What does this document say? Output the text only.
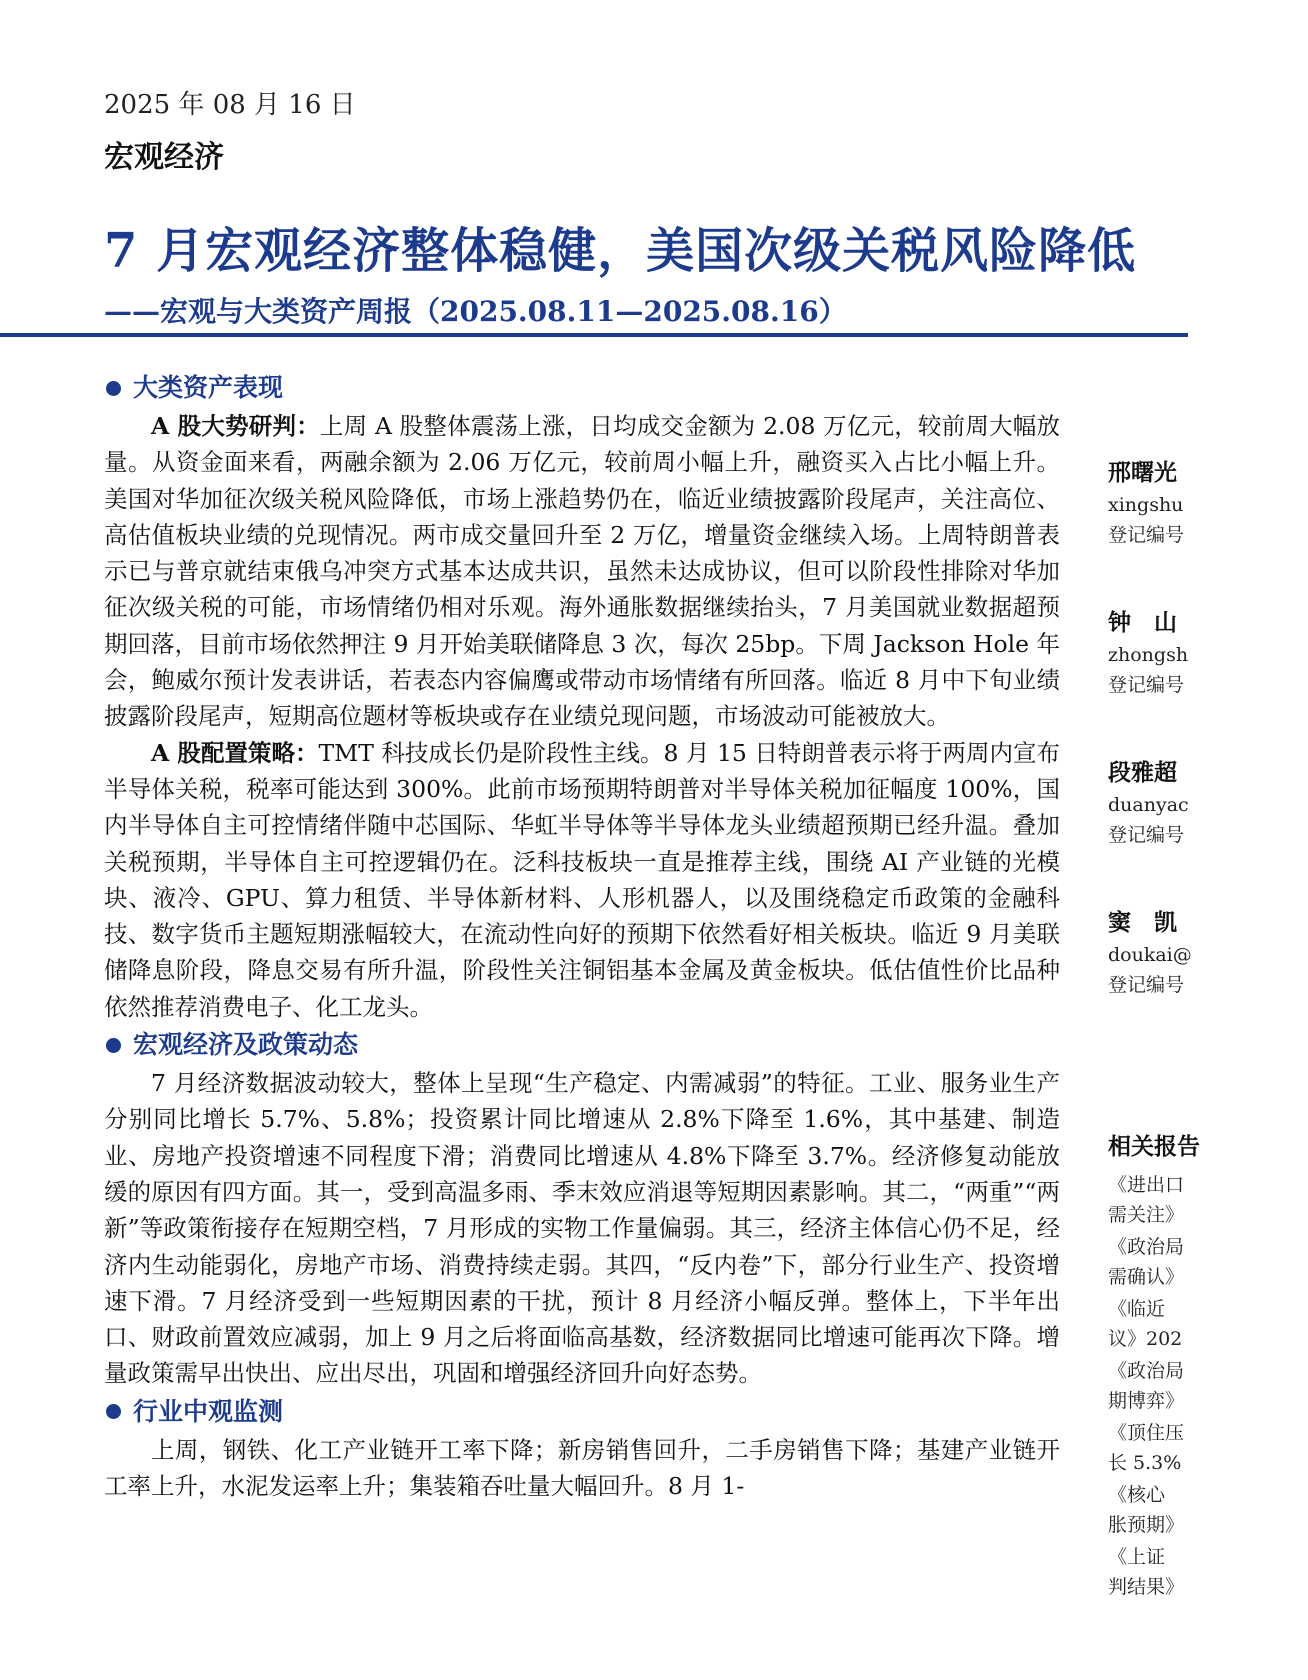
2025 年 08 月 16 日
宏观经济
7 月宏观经济整体稳健，美国次级关税风险降低
——宏观与大类资产周报（2025.08.11—2025.08.16）
大类资产表现

A 股大势研判：上周 A 股整体震荡上涨，日均成交金额为 2.08 万亿元，较前周大幅放量。从资金面来看，两融余额为 2.06 万亿元，较前周小幅上升，融资买入占比小幅上升。美国对华加征次级关税风险降低，市场上涨趋势仍在，临近业绩披露阶段尾声，关注高位、高估值板块业绩的兑现情况。两市成交量回升至 2 万亿，增量资金继续入场。上周特朗普表示已与普京就结束俄乌冲突方式基本达成共识，虽然未达成协议，但可以阶段性排除对华加征次级关税的可能，市场情绪仍相对乐观。海外通胀数据继续抬头，7 月美国就业数据超预期回落，目前市场依然押注 9 月开始美联储降息 3 次，每次 25bp。下周 Jackson Hole 年会，鲍威尔预计发表讲话，若表态内容偏鹰或带动市场情绪有所回落。临近 8 月中下旬业绩披露阶段尾声，短期高位题材等板块或存在业绩兑现问题，市场波动可能被放大。

A 股配置策略：TMT 科技成长仍是阶段性主线。8 月 15 日特朗普表示将于两周内宣布半导体关税，税率可能达到 300%。此前市场预期特朗普对半导体关税加征幅度 100%，国内半导体自主可控情绪伴随中芯国际、华虹半导体等半导体龙头业绩超预期已经升温。叠加关税预期，半导体自主可控逻辑仍在。泛科技板块一直是推荐主线，围绕 AI 产业链的光模块、液冷、GPU、算力租赁、半导体新材料、人形机器人，以及围绕稳定币政策的金融科技、数字货币主题短期涨幅较大，在流动性向好的预期下依然看好相关板块。临近 9 月美联储降息阶段，降息交易有所升温，阶段性关注铜铝基本金属及黄金板块。低估值性价比品种依然推荐消费电子、化工龙头。

宏观经济及政策动态

7 月经济数据波动较大，整体上呈现“生产稳定、内需减弱”的特征。工业、服务业生产分别同比增长 5.7%、5.8%；投资累计同比增速从 2.8%下降至 1.6%，其中基建、制造业、房地产投资增速不同程度下滑；消费同比增速从 4.8%下降至 3.7%。经济修复动能放缓的原因有四方面。其一，受到高温多雨、季末效应消退等短期因素影响。其二，“两重”“两新”等政策衔接存在短期空档，7 月形成的实物工作量偏弱。其三，经济主体信心仍不足，经济内生动能弱化，房地产市场、消费持续走弱。其四，“反内卷”下，部分行业生产、投资增速下滑。7 月经济受到一些短期因素的干扰，预计 8 月经济小幅反弹。整体上，下半年出口、财政前置效应减弱，加上 9 月之后将面临高基数，经济数据同比增速可能再次下降。增量政策需早出快出、应出尽出，巩固和增强经济回升向好态势。

行业中观监测

上周，钢铁、化工产业链开工率下降；新房销售回升，二手房销售下降；基建产业链开工率上升，水泥发运率上升；集装箱吞吐量大幅回升。8 月 1-

邢曙光
xingshu
登记编号
钟　山
zhongsh
登记编号
段雅超
duanyac
登记编号
窦　凯
doukai@
登记编号
相关报告
《进出口
需关注》
《政治局
需确认》
《临近
议》202
《政治局
期博弈》
《顶住压
长 5.3%
《核心
胀预期》
《上证
判结果》
